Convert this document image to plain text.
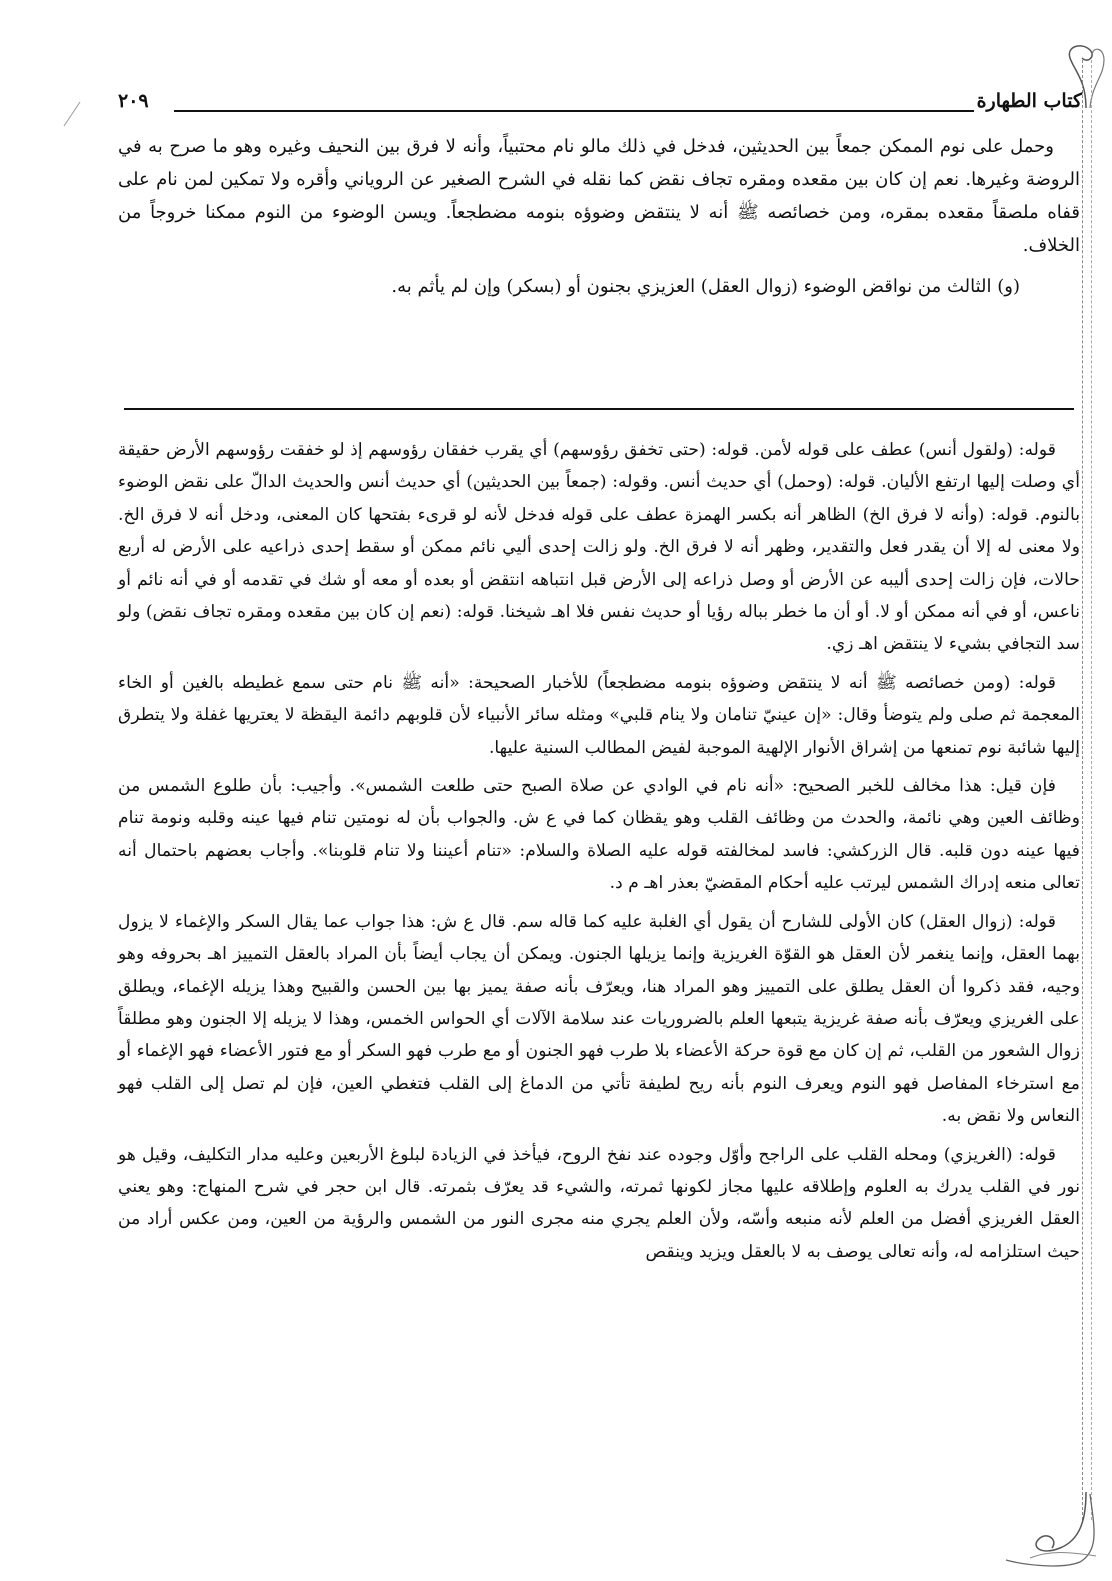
كتاب الطهارة
٢٠٩

وحمل على نوم الممكن جمعاً بين الحديثين، فدخل في ذلك مالو نام محتبياً، وأنه لا فرق بين النحيف وغيره وهو ما صرح به في الروضة وغيرها. نعم إن كان بين مقعده ومقره تجاف نقض كما نقله في الشرح الصغير عن الروياني وأقره ولا تمكين لمن نام على قفاه ملصقاً مقعده بمقره، ومن خصائصه ﷺ أنه لا ينتقض وضوؤه بنومه مضطجعاً. ويسن الوضوء من النوم ممكنا خروجاً من الخلاف.

(و) الثالث من نواقض الوضوء (زوال العقل) العزيزي بجنون أو (بسكر) وإن لم يأثم به.

قوله: (ولقول أنس) عطف على قوله لأمن. قوله: (حتى تخفق رؤوسهم) أي يقرب خفقان رؤوسهم إذ لو خفقت رؤوسهم الأرض حقيقة أي وصلت إليها ارتفع الأليان. قوله: (وحمل) أي حديث أنس. وقوله: (جمعاً بين الحديثين) أي حديث أنس والحديث الدالّ على نقض الوضوء بالنوم. قوله: (وأنه لا فرق الخ) الظاهر أنه بكسر الهمزة عطف على قوله فدخل لأنه لو قرىء بفتحها كان المعنى، ودخل أنه لا فرق الخ. ولا معنى له إلا أن يقدر فعل والتقدير، وظهر أنه لا فرق الخ. ولو زالت إحدى أليي نائم ممكن أو سقط إحدى ذراعيه على الأرض له أربع حالات، فإن زالت إحدى أليبه عن الأرض أو وصل ذراعه إلى الأرض قبل انتباهه انتقض أو بعده أو معه أو شك في تقدمه أو في أنه نائم أو ناعس، أو في أنه ممكن أو لا. أو أن ما خطر بباله رؤيا أو حديث نفس فلا اهـ شيخنا. قوله: (نعم إن كان بين مقعده ومقره تجاف نقض) ولو سد التجافي بشيء لا ينتقض اهـ زي.

قوله: (ومن خصائصه ﷺ أنه لا ينتقض وضوؤه بنومه مضطجعاً) للأخبار الصحيحة: «أنه ﷺ نام حتى سمع غطيطه بالغين أو الخاء المعجمة ثم صلى ولم يتوضأ وقال: «إن عينيّ تنامان ولا ينام قلبي» ومثله سائر الأنبياء لأن قلوبهم دائمة اليقظة لا يعتريها غفلة ولا يتطرق إليها شائبة نوم تمنعها من إشراق الأنوار الإلهية الموجبة لفيض المطالب السنية عليها.

فإن قيل: هذا مخالف للخبر الصحيح: «أنه نام في الوادي عن صلاة الصبح حتى طلعت الشمس». وأجيب: بأن طلوع الشمس من وظائف العين وهي نائمة، والحدث من وظائف القلب وهو يقظان كما في ع ش. والجواب بأن له نومتين تنام فيها عينه وقلبه ونومة تنام فيها عينه دون قلبه. قال الزركشي: فاسد لمخالفته قوله عليه الصلاة والسلام: «تنام أعيننا ولا تنام قلوبنا». وأجاب بعضهم باحتمال أنه تعالى منعه إدراك الشمس ليرتب عليه أحكام المقضيّ بعذر اهـ م د.

قوله: (زوال العقل) كان الأولى للشارح أن يقول أي الغلبة عليه كما قاله سم. قال ع ش: هذا جواب عما يقال السكر والإغماء لا يزول بهما العقل، وإنما ينغمر لأن العقل هو القوّة الغريزية وإنما يزيلها الجنون. ويمكن أن يجاب أيضاً بأن المراد بالعقل التمييز اهـ بحروفه وهو وجيه، فقد ذكروا أن العقل يطلق على التمييز وهو المراد هنا، ويعرّف بأنه صفة يميز بها بين الحسن والقبيح وهذا يزيله الإغماء، ويطلق على الغريزي ويعرّف بأنه صفة غريزية يتبعها العلم بالضروريات عند سلامة الآلات أي الحواس الخمس، وهذا لا يزيله إلا الجنون وهو مطلقاً زوال الشعور من القلب، ثم إن كان مع قوة حركة الأعضاء بلا طرب فهو الجنون أو مع طرب فهو السكر أو مع فتور الأعضاء فهو الإغماء أو مع استرخاء المفاصل فهو النوم ويعرف النوم بأنه ريح لطيفة تأتي من الدماغ إلى القلب فتغطي العين، فإن لم تصل إلى القلب فهو النعاس ولا نقض به.

قوله: (الغريزي) ومحله القلب على الراجح وأوّل وجوده عند نفخ الروح، فيأخذ في الزيادة لبلوغ الأربعين وعليه مدار التكليف، وقيل هو نور في القلب يدرك به العلوم وإطلاقه عليها مجاز لكونها ثمرته، والشيء قد يعرّف بثمرته. قال ابن حجر في شرح المنهاج: وهو يعني العقل الغريزي أفضل من العلم لأنه منبعه وأسّه، ولأن العلم يجري منه مجرى النور من الشمس والرؤية من العين، ومن عكس أراد من حيث استلزامه له، وأنه تعالى يوصف به لا بالعقل ويزيد وينقص
